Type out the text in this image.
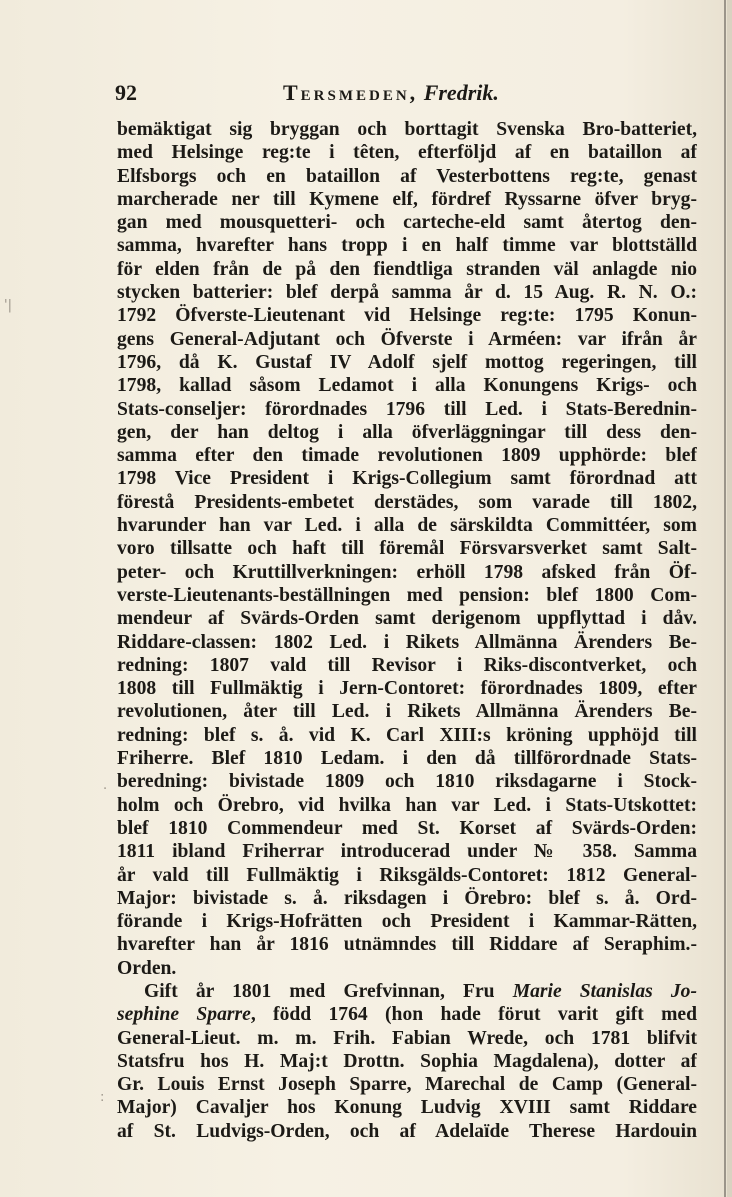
92	Tersmeden, Fredrik.
'|
.
:
bemäktigat sig bryggan och borttagit Svenska Bro-batteriet,
med Helsinge reg:te i têten, efterföljd af en bataillon af
Elfsborgs och en bataillon af Vesterbottens reg:te, genast
marcherade ner till Kymene elf, fördref Ryssarne öfver bryg-
gan med mousquetteri- och carteche-eld samt återtog den-
samma, hvarefter hans tropp i en half timme var blottställd
för elden från de på den fiendtliga stranden väl anlagde nio
stycken batterier: blef derpå samma år d. 15 Aug. R. N. O.:
1792 Öfverste-Lieutenant vid Helsinge reg:te: 1795 Konun-
gens General-Adjutant och Öfverste i Arméen: var ifrån år
1796, då K. Gustaf IV Adolf sjelf mottog regeringen, till
1798, kallad såsom Ledamot i alla Konungens Krigs- och
Stats-conseljer: förordnades 1796 till Led. i Stats-Berednin-
gen, der han deltog i alla öfverläggningar till dess den-
samma efter den timade revolutionen 1809 upphörde: blef
1798 Vice President i Krigs-Collegium samt förordnad att
förestå Presidents-embetet derstädes, som varade till 1802,
hvarunder han var Led. i alla de särskildta Committéer, som
voro tillsatte och haft till föremål Försvarsverket samt Salt-
peter- och Kruttillverkningen: erhöll 1798 afsked från Öf-
verste-Lieutenants-beställningen med pension: blef 1800 Com-
mendeur af Svärds-Orden samt derigenom uppflyttad i dåv.
Riddare-classen: 1802 Led. i Rikets Allmänna Ärenders Be-
redning: 1807 vald till Revisor i Riks-discontverket, och
1808 till Fullmäktig i Jern-Contoret: förordnades 1809, efter
revolutionen, åter till Led. i Rikets Allmänna Ärenders Be-
redning: blef s. å. vid K. Carl XIII:s kröning upphöjd till
Friherre. Blef 1810 Ledam. i den då tillförordnade Stats-
beredning: bivistade 1809 och 1810 riksdagarne i Stock-
holm och Örebro, vid hvilka han var Led. i Stats-Utskottet:
blef 1810 Commendeur med St. Korset af Svärds-Orden:
1811 ibland Friherrar introducerad under № 358. Samma
år vald till Fullmäktig i Riksgälds-Contoret: 1812 General-
Major: bivistade s. å. riksdagen i Örebro: blef s. å. Ord-
förande i Krigs-Hofrätten och President i Kammar-Rätten,
hvarefter han år 1816 utnämndes till Riddare af Seraphim.-
Orden.
Gift år 1801 med Grefvinnan, Fru Marie Stanislas Jo-
sephine Sparre, född 1764 (hon hade förut varit gift med
General-Lieut. m. m. Frih. Fabian Wrede, och 1781 blifvit
Statsfru hos H. Maj:t Drottn. Sophia Magdalena), dotter af
Gr. Louis Ernst Joseph Sparre, Marechal de Camp (General-
Major) Cavaljer hos Konung Ludvig XVIII samt Riddare
af St. Ludvigs-Orden, och af Adelaïde Therese Hardouin
